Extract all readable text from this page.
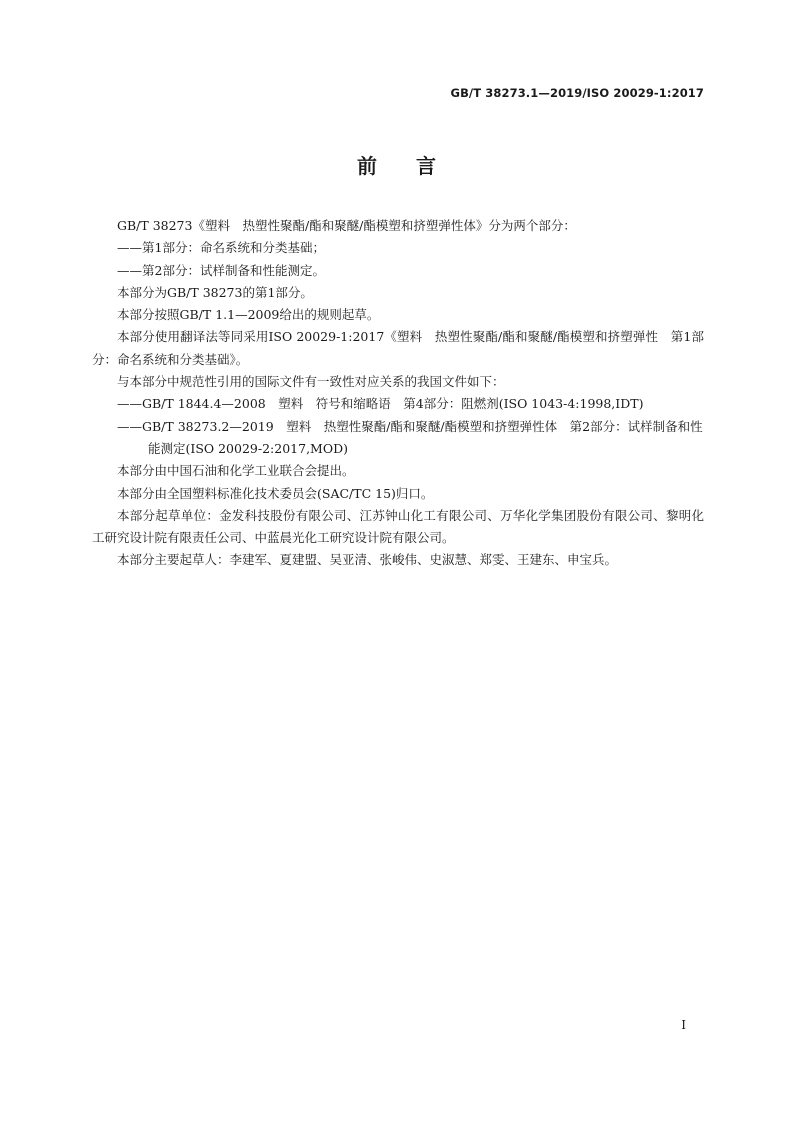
GB/T 38273.1—2019/ISO 20029-1:2017
前 言
GB/T 38273《塑料　热塑性聚酯/酯和聚醚/酯模塑和挤塑弹性体》分为两个部分：
——第1部分：命名系统和分类基础；
——第2部分：试样制备和性能测定。
本部分为GB/T 38273的第1部分。
本部分按照GB/T 1.1—2009给出的规则起草。
本部分使用翻译法等同采用ISO 20029-1:2017《塑料　热塑性聚酯/酯和聚醚/酯模塑和挤塑弹性　第1部分：命名系统和分类基础》。
与本部分中规范性引用的国际文件有一致性对应关系的我国文件如下：
——GB/T 1844.4—2008　塑料　符号和缩略语　第4部分：阻燃剂(ISO 1043-4:1998,IDT)
——GB/T 38273.2—2019　塑料　热塑性聚酯/酯和聚醚/酯模塑和挤塑弹性体　第2部分：试样制备和性能测定(ISO 20029-2:2017,MOD)
本部分由中国石油和化学工业联合会提出。
本部分由全国塑料标准化技术委员会(SAC/TC 15)归口。
本部分起草单位：金发科技股份有限公司、江苏钟山化工有限公司、万华化学集团股份有限公司、黎明化工研究设计院有限责任公司、中蓝晨光化工研究设计院有限公司。
本部分主要起草人：李建军、夏建盟、吴亚清、张峻伟、史淑慧、郑雯、王建东、申宝兵。
I
